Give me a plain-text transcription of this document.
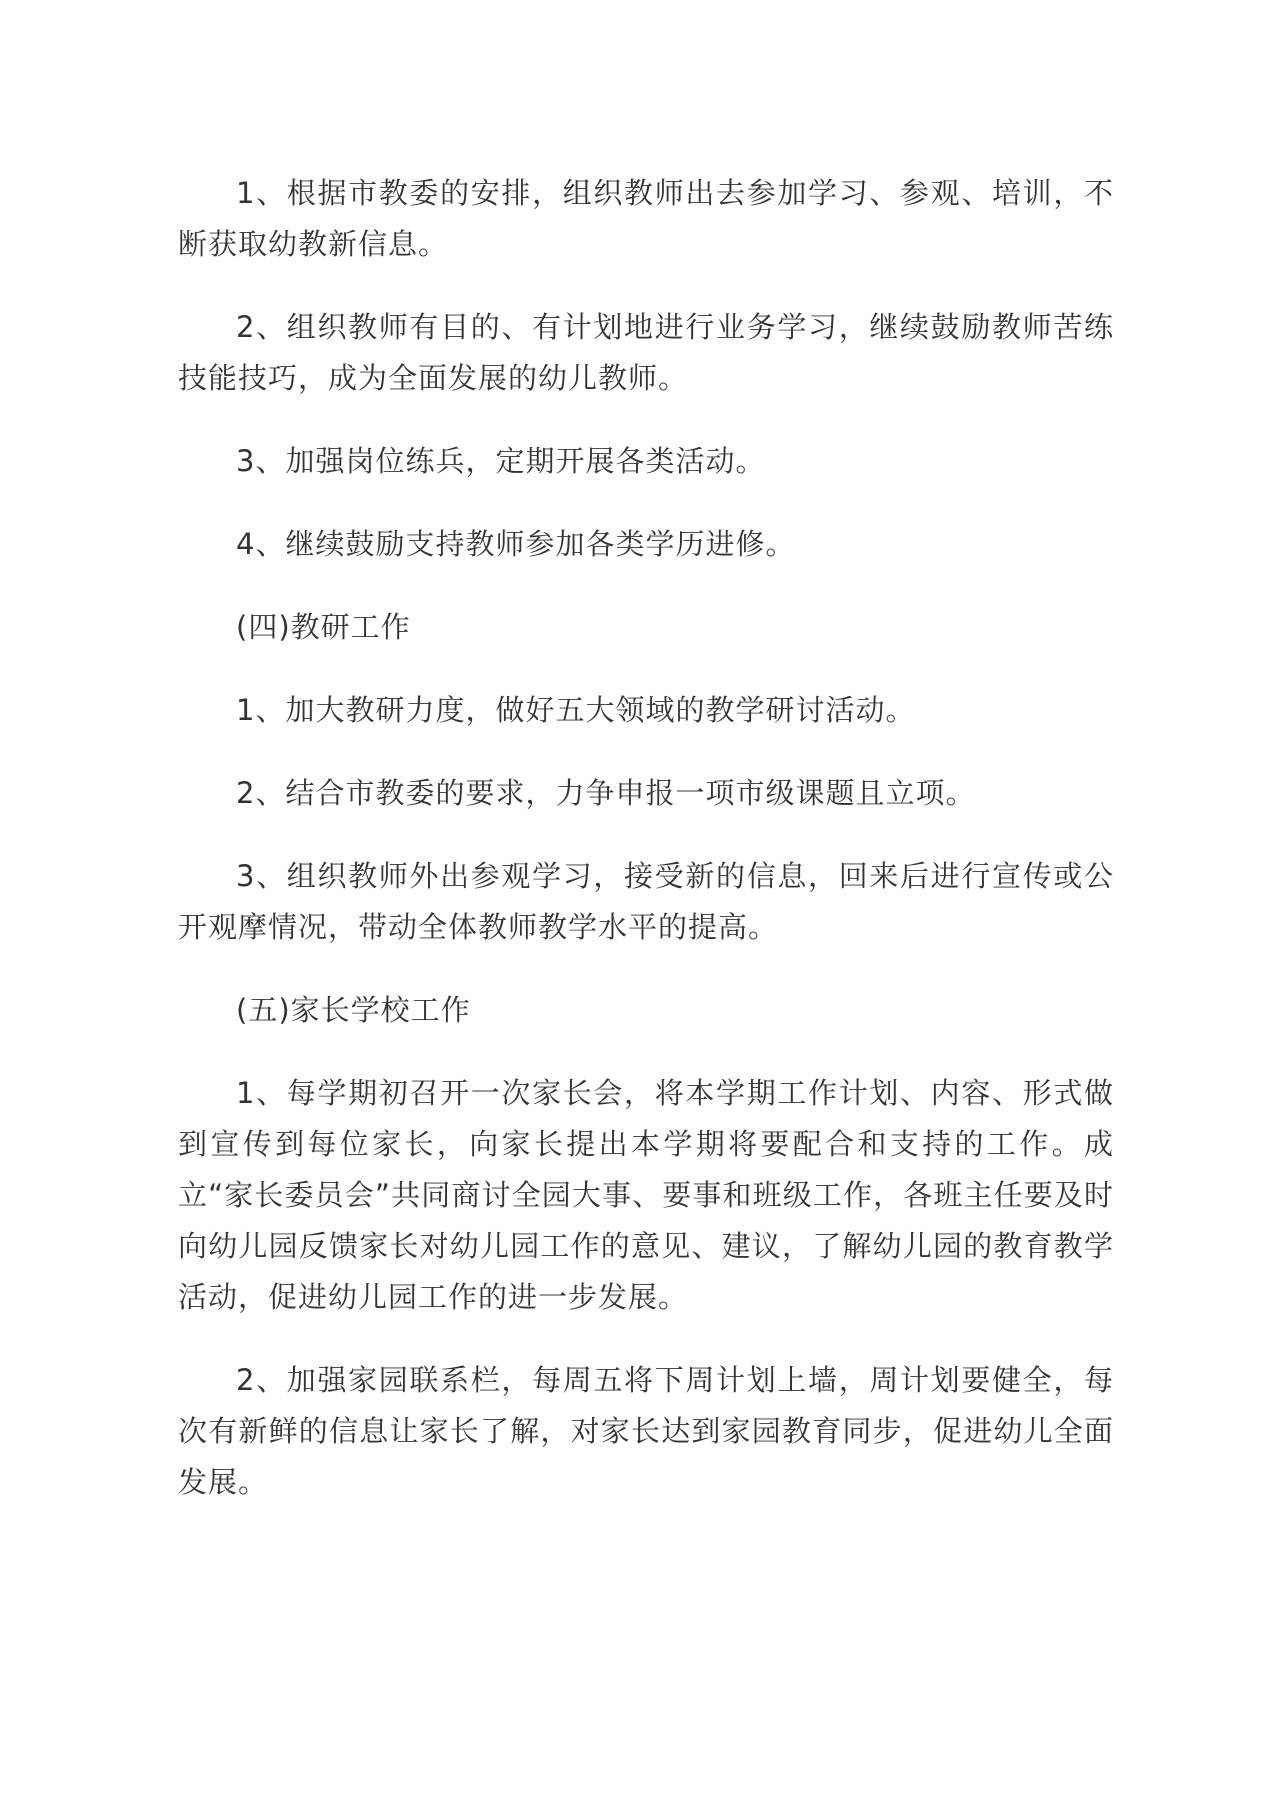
1、根据市教委的安排，组织教师出去参加学习、参观、培训，不断获取幼教新信息。

2、组织教师有目的、有计划地进行业务学习，继续鼓励教师苦练技能技巧，成为全面发展的幼儿教师。

3、加强岗位练兵，定期开展各类活动。

4、继续鼓励支持教师参加各类学历进修。

(四)教研工作

1、加大教研力度，做好五大领域的教学研讨活动。

2、结合市教委的要求，力争申报一项市级课题且立项。

3、组织教师外出参观学习，接受新的信息，回来后进行宣传或公开观摩情况，带动全体教师教学水平的提高。

(五)家长学校工作

1、每学期初召开一次家长会，将本学期工作计划、内容、形式做到宣传到每位家长，向家长提出本学期将要配合和支持的工作。成立“家长委员会”共同商讨全园大事、要事和班级工作，各班主任要及时向幼儿园反馈家长对幼儿园工作的意见、建议，了解幼儿园的教育教学活动，促进幼儿园工作的进一步发展。

2、加强家园联系栏，每周五将下周计划上墙，周计划要健全，每次有新鲜的信息让家长了解，对家长达到家园教育同步，促进幼儿全面发展。
